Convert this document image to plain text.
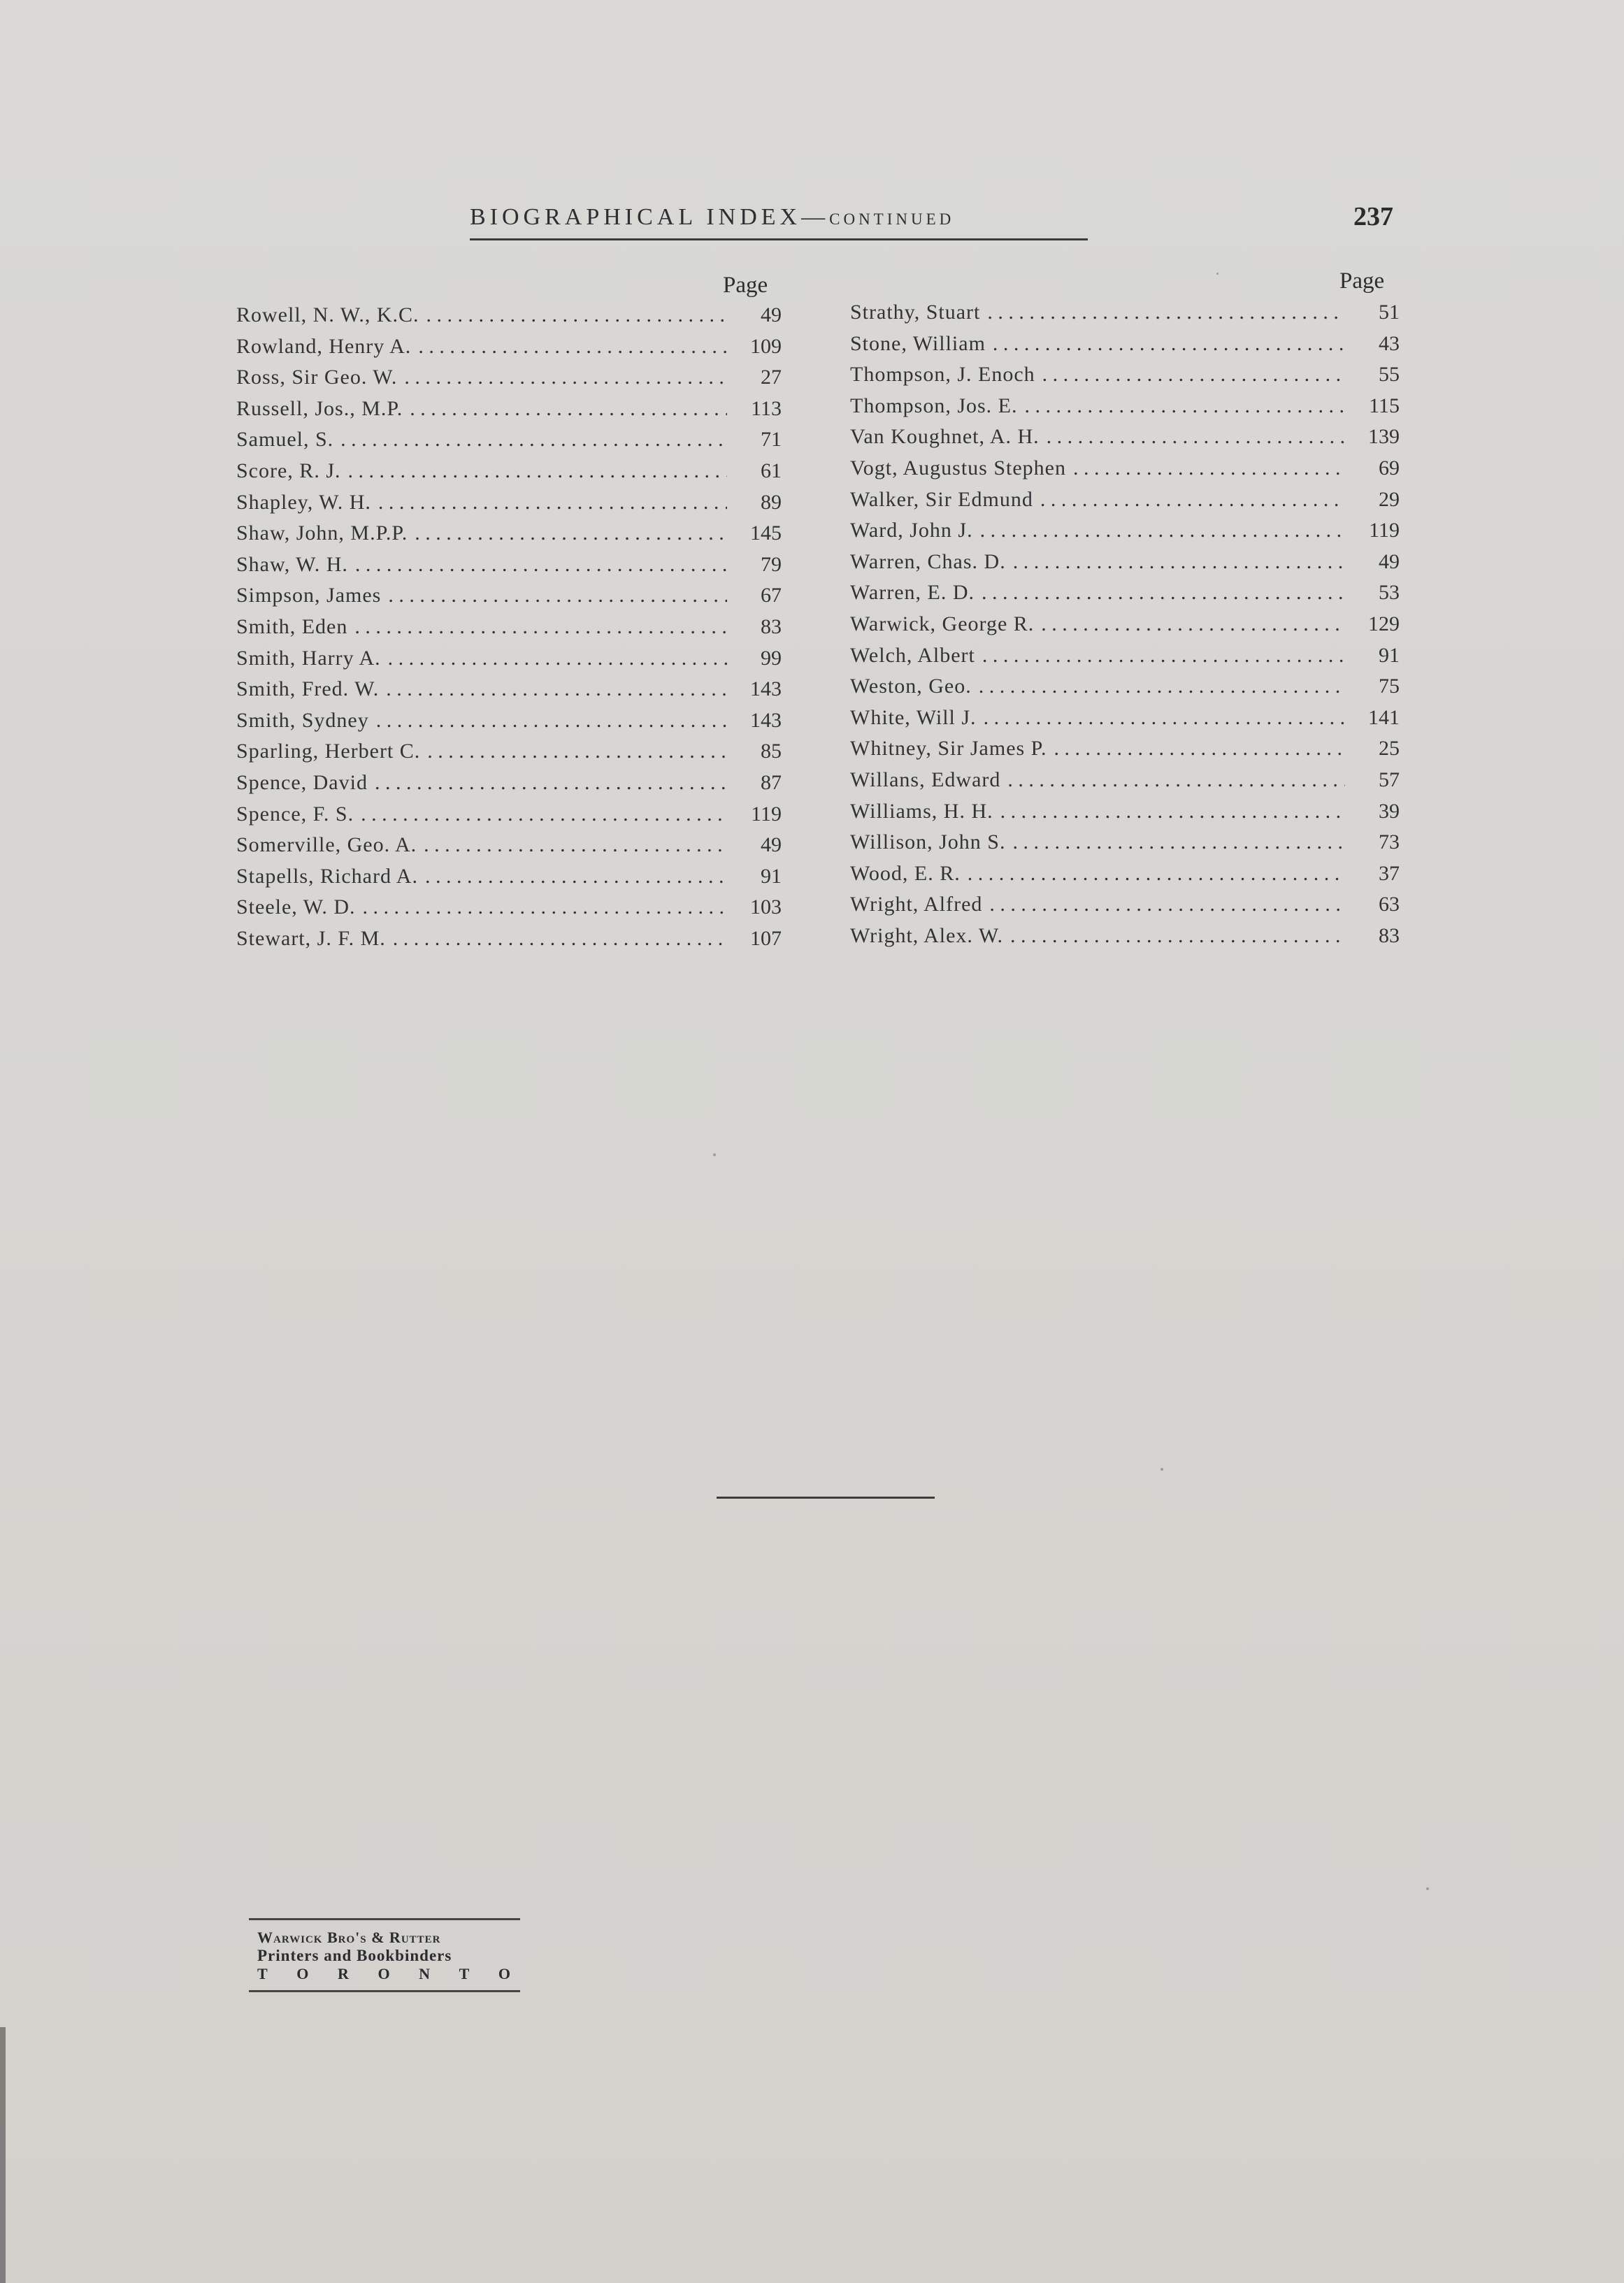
BIOGRAPHICAL INDEX—CONTINUED	237
Page	Page
Rowell, N. W., K.C. . . .	49
Rowland, Henry A. . . .	109
Ross, Sir Geo. W. . . .	27
Russell, Jos., M.P. . . .	113
Samuel, S. . . .	71
Score, R. J. . . .	61
Shapley, W. H. . . .	89
Shaw, John, M.P.P. . . .	145
Shaw, W. H. . . .	79
Simpson, James . . .	67
Smith, Eden . . .	83
Smith, Harry A. . . .	99
Smith, Fred. W. . . .	143
Smith, Sydney . . .	143
Sparling, Herbert C. . . .	85
Spence, David . . .	87
Spence, F. S. . . .	119
Somerville, Geo. A. . . .	49
Stapells, Richard A. . . .	91
Steele, W. D. . . .	103
Stewart, J. F. M. . . .	107
Strathy, Stuart . . .	51
Stone, William . . .	43
Thompson, J. Enoch . . .	55
Thompson, Jos. E. . . .	115
Van Koughnet, A. H. . . .	139
Vogt, Augustus Stephen . . .	69
Walker, Sir Edmund . . .	29
Ward, John J. . . .	119
Warren, Chas. D. . . .	49
Warren, E. D. . . .	53
Warwick, George R. . . .	129
Welch, Albert . . .	91
Weston, Geo. . . .	75
White, Will J. . . .	141
Whitney, Sir James P. . . .	25
Willans, Edward . . .	57
Williams, H. H. . . .	39
Willison, John S. . . .	73
Wood, E. R. . . .	37
Wright, Alfred . . .	63
Wright, Alex. W. . . .	83
Warwick Bro's & Rutter
Printers and Bookbinders
T O R O N T O
